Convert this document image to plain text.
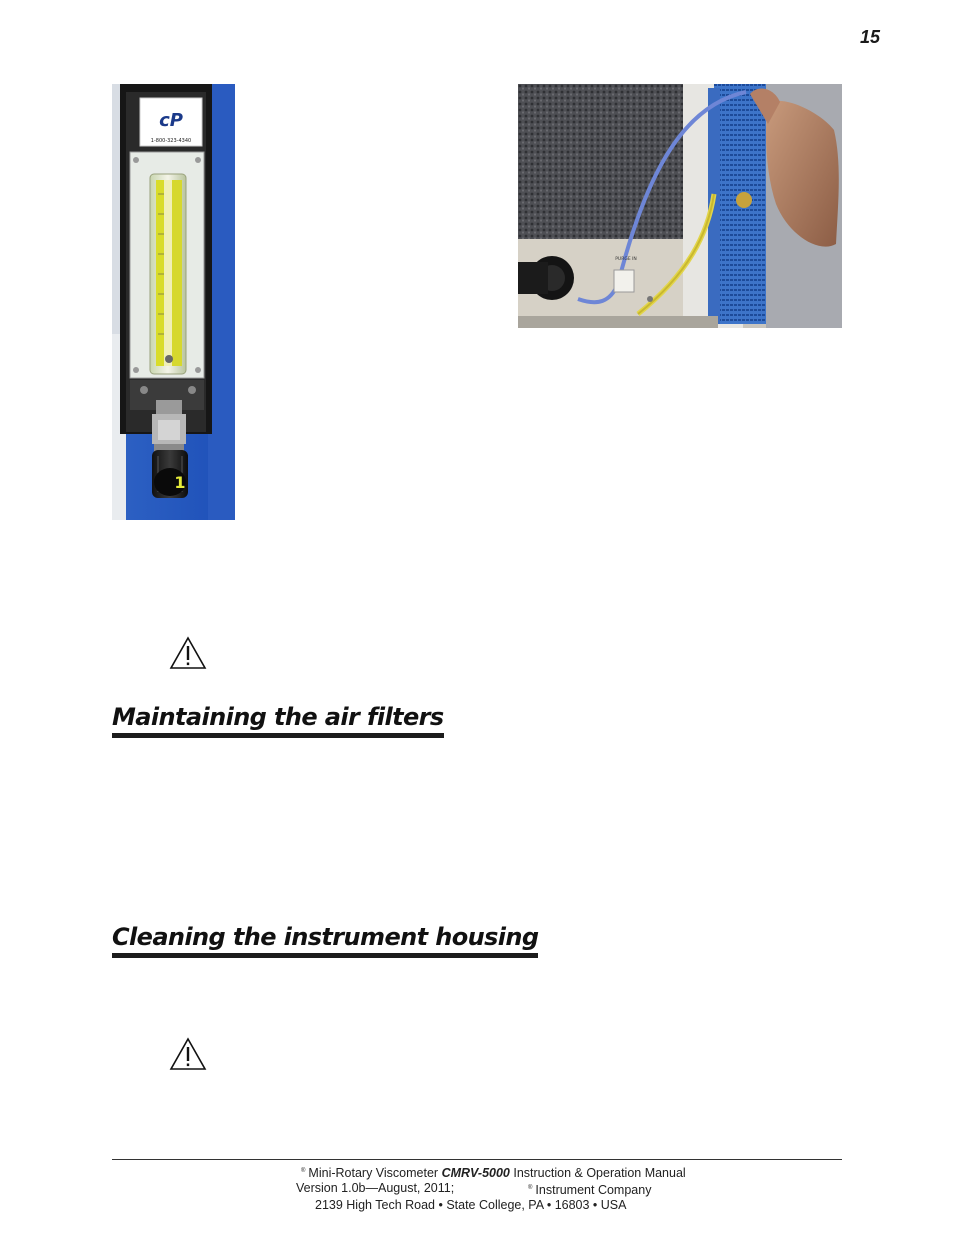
15
cP
1-800-323-4340
1
PURGE IN
Maintaining the air filters
Cleaning the instrument housing
® Mini-Rotary Viscometer CMRV-5000 Instruction & Operation Manual
Version 1.0b—August, 2011;	® Instrument Company
2139 High Tech Road • State College, PA • 16803 • USA
